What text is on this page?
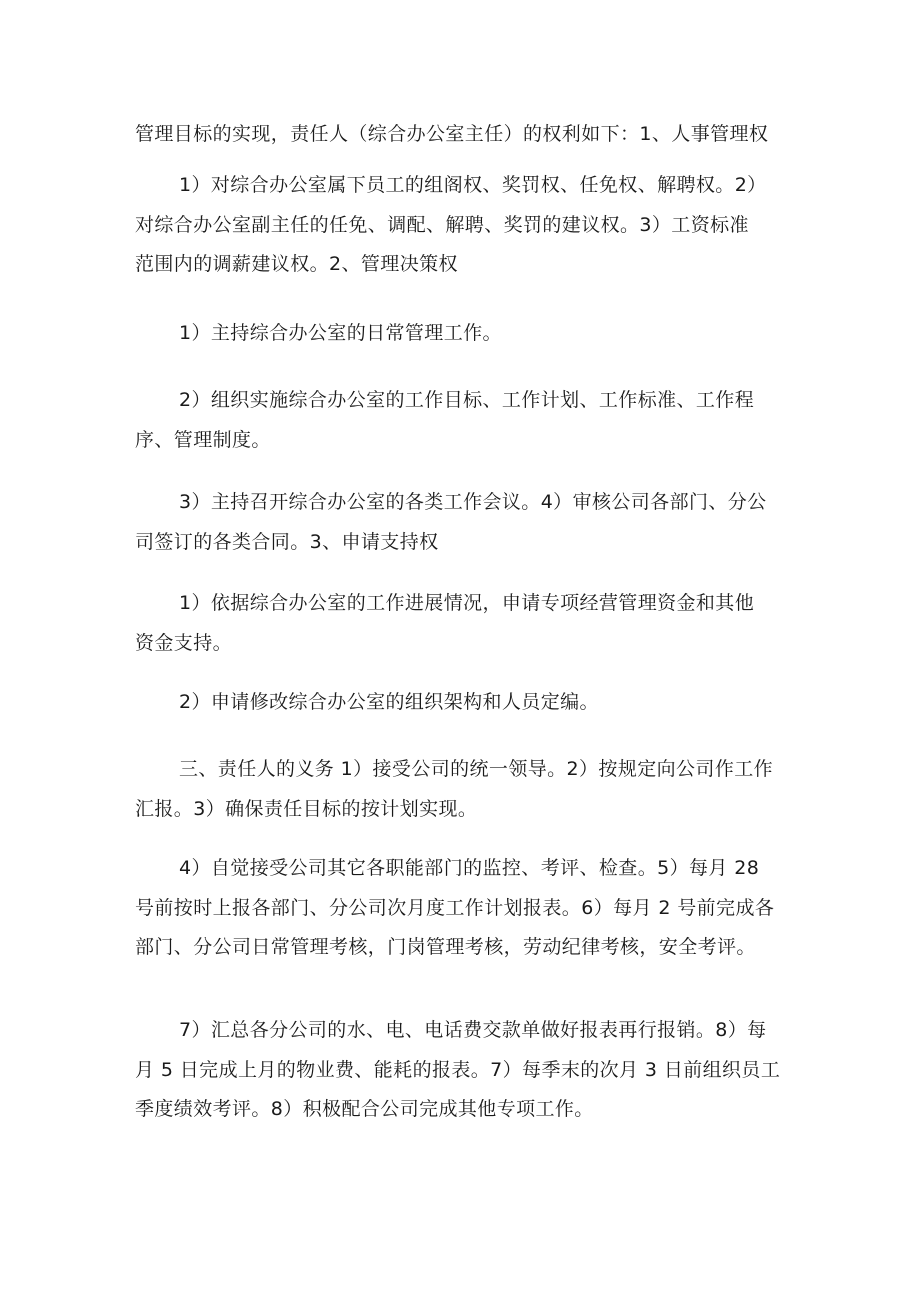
管理目标的实现，责任人（综合办公室主任）的权利如下：1、人事管理权

1）对综合办公室属下员工的组阁权、奖罚权、任免权、解聘权。2）
对综合办公室副主任的任免、调配、解聘、奖罚的建议权。3）工资标准
范围内的调薪建议权。2、管理决策权

1）主持综合办公室的日常管理工作。

2）组织实施综合办公室的工作目标、工作计划、工作标准、工作程
序、管理制度。

3）主持召开综合办公室的各类工作会议。4）审核公司各部门、分公
司签订的各类合同。3、申请支持权

1）依据综合办公室的工作进展情况，申请专项经营管理资金和其他
资金支持。

2）申请修改综合办公室的组织架构和人员定编。

三、责任人的义务 1）接受公司的统一领导。2）按规定向公司作工作
汇报。3）确保责任目标的按计划实现。

4）自觉接受公司其它各职能部门的监控、考评、检查。5）每月 28
号前按时上报各部门、分公司次月度工作计划报表。6）每月 2 号前完成各
部门、分公司日常管理考核，门岗管理考核，劳动纪律考核，安全考评。

7）汇总各分公司的水、电、电话费交款单做好报表再行报销。8）每
月 5 日完成上月的物业费、能耗的报表。7）每季末的次月 3 日前组织员工
季度绩效考评。8）积极配合公司完成其他专项工作。
